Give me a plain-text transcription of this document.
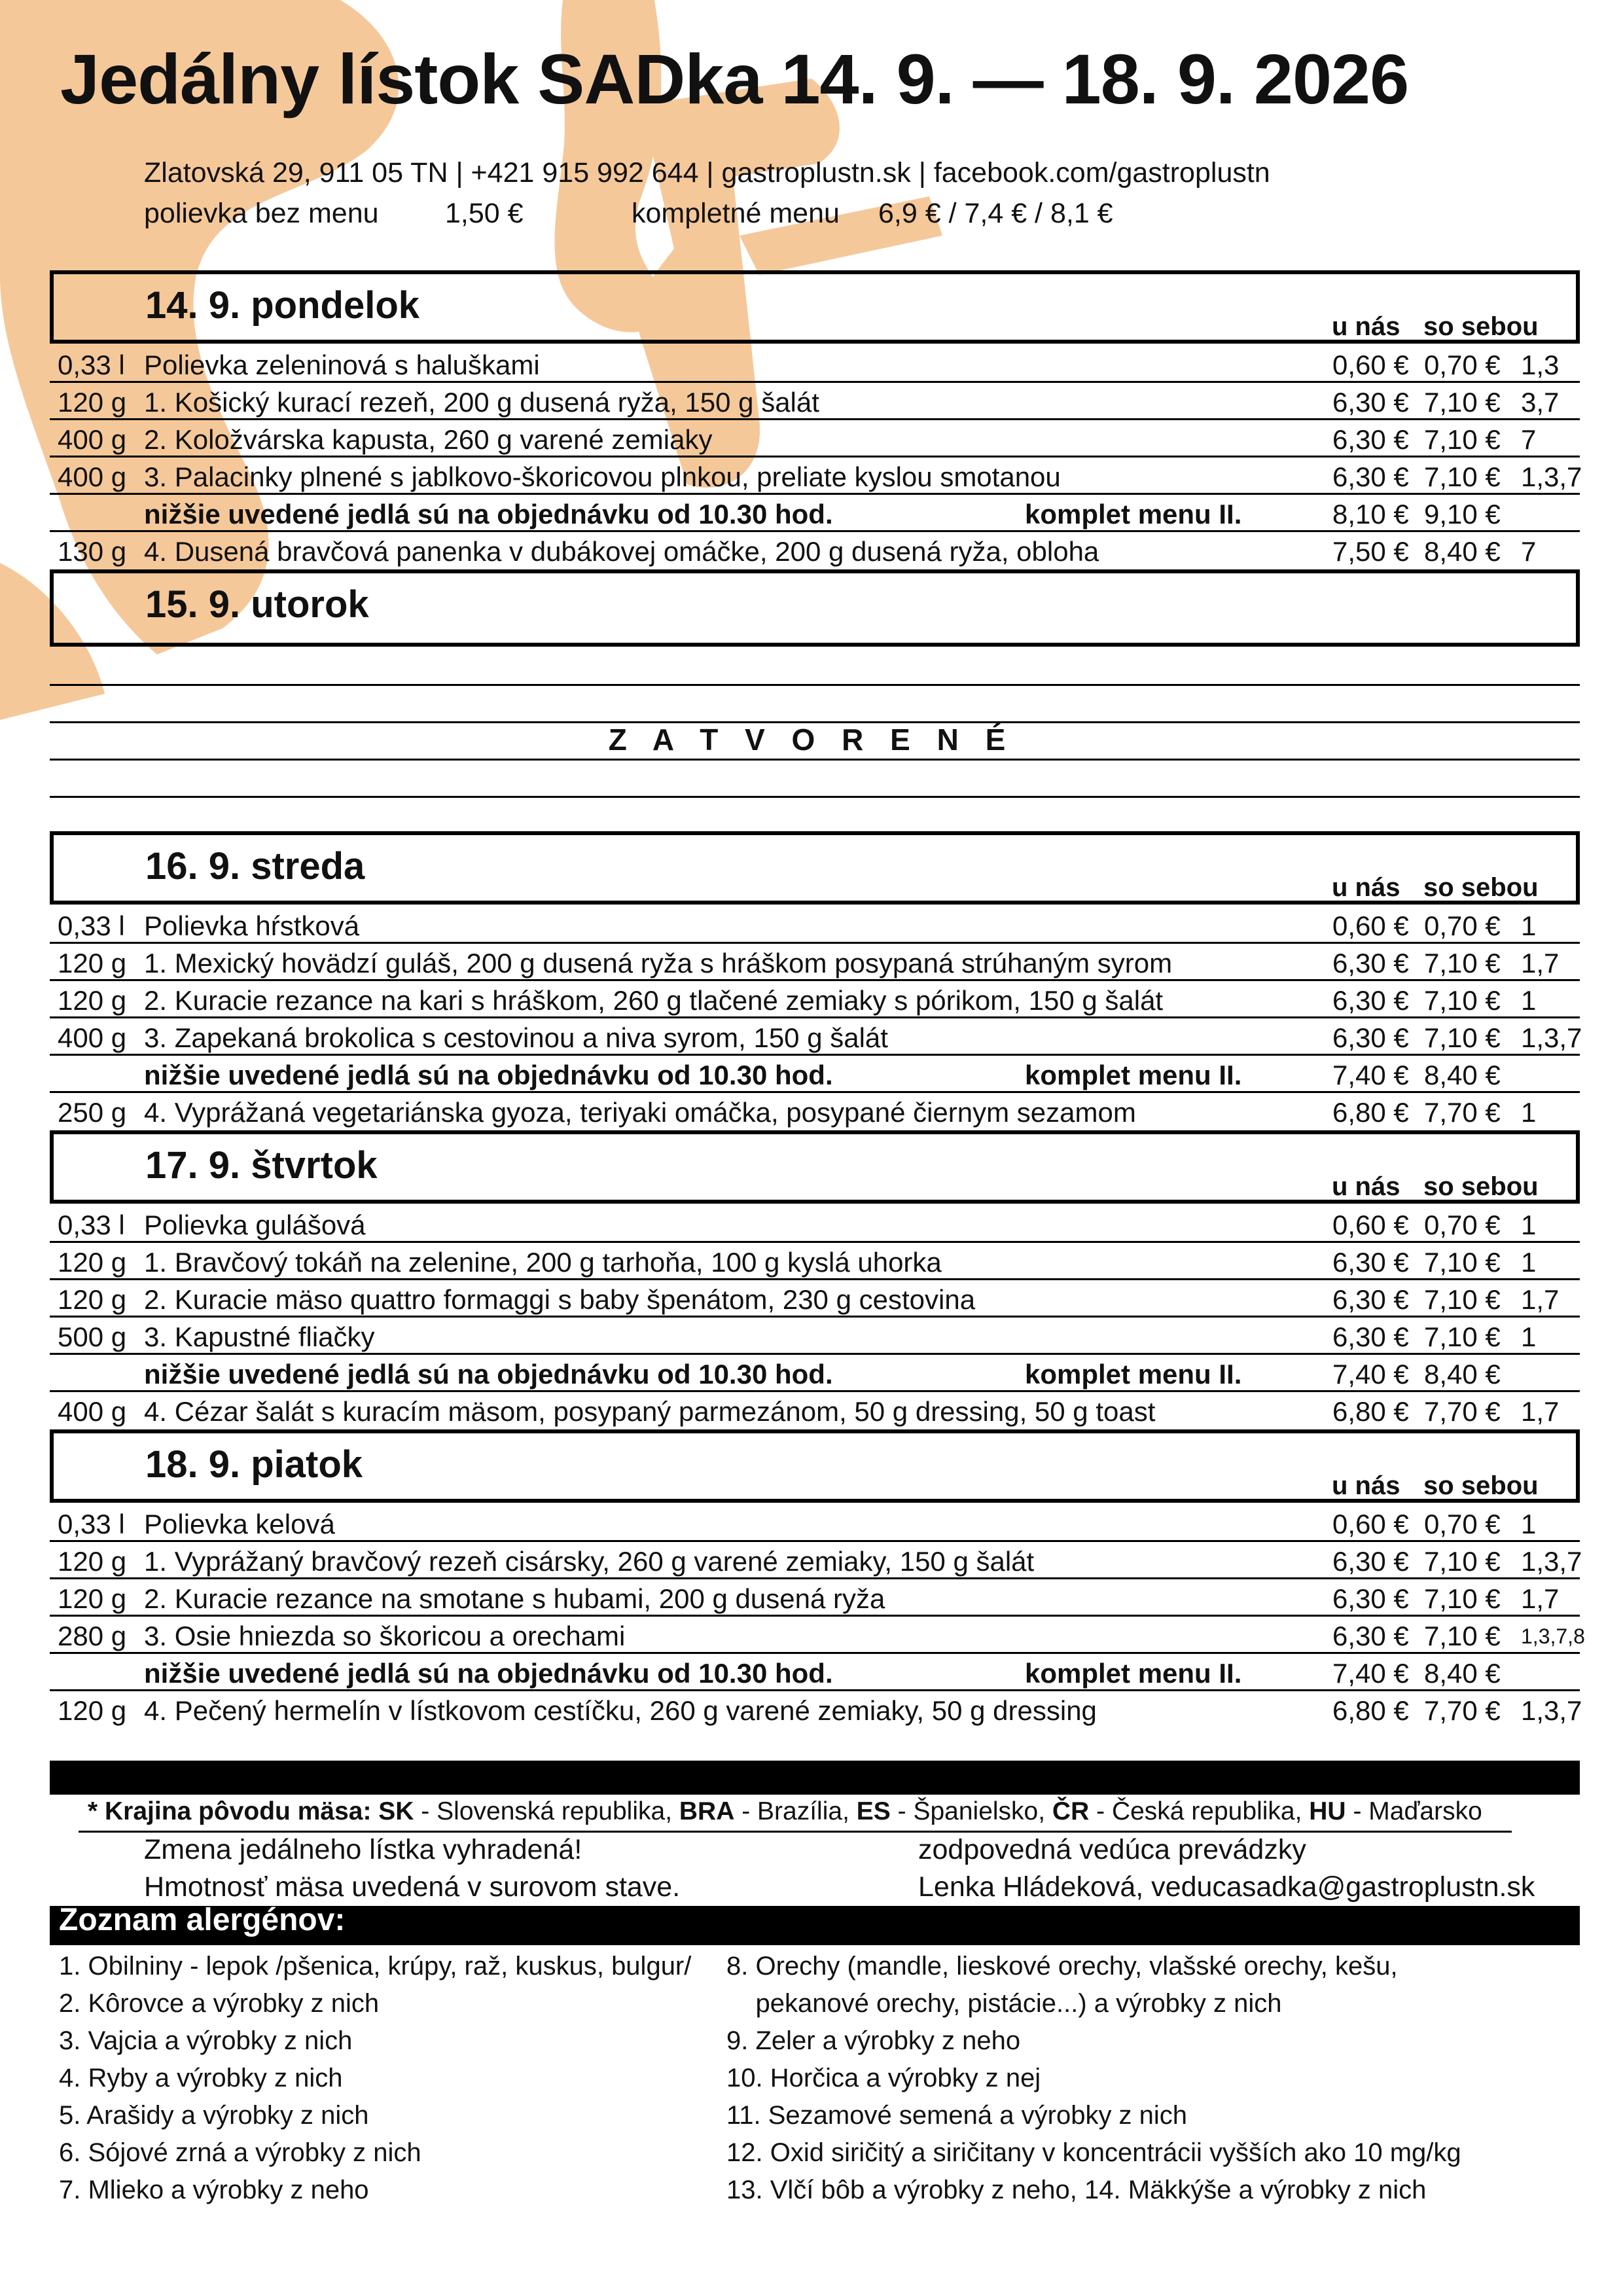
Jedálny lístok SADka 14. 9. — 18. 9. 2026
Zlatovská 29, 911 05 TN | +421 915 992 644 | gastroplustn.sk | facebook.com/gastroplustn
polievka bez menu 1,50 €	kompletné menu 6,9 € / 7,4 € / 8,1 €
14. 9. pondelok	u nás so sebou
0,33 l Polievka zeleninová s haluškami	0,60 € 0,70 € 1,3
120 g 1. Košický kurací rezeň, 200 g dusená ryža, 150 g šalát	6,30 € 7,10 € 3,7
400 g 2. Koložvárska kapusta, 260 g varené zemiaky	6,30 € 7,10 € 7
400 g 3. Palacinky plnené s jablkovo-škoricovou plnkou, preliate kyslou smotanou	6,30 € 7,10 € 1,3,7
nižšie uvedené jedlá sú na objednávku od 10.30 hod.	komplet menu II.	8,10 € 9,10 €
130 g 4. Dusená bravčová panenka v dubákovej omáčke, 200 g dusená ryža, obloha	7,50 € 8,40 € 7
15. 9. utorok
Z A T V O R E N É
16. 9. streda	u nás so sebou
0,33 l Polievka hŕstková	0,60 € 0,70 € 1
120 g 1. Mexický hovädzí guláš, 200 g dusená ryža s hráškom posypaná strúhaným syrom	6,30 € 7,10 € 1,7
120 g 2. Kuracie rezance na kari s hráškom, 260 g tlačené zemiaky s pórikom, 150 g šalát	6,30 € 7,10 € 1
400 g 3. Zapekaná brokolica s cestovinou a niva syrom, 150 g šalát	6,30 € 7,10 € 1,3,7
nižšie uvedené jedlá sú na objednávku od 10.30 hod.	komplet menu II.	7,40 € 8,40 €
250 g 4. Vyprážaná vegetariánska gyoza, teriyaki omáčka, posypané čiernym sezamom	6,80 € 7,70 € 1
17. 9. štvrtok	u nás so sebou
0,33 l Polievka gulášová	0,60 € 0,70 € 1
120 g 1. Bravčový tokáň na zelenine, 200 g tarhoňa, 100 g kyslá uhorka	6,30 € 7,10 € 1
120 g 2. Kuracie mäso quattro formaggi s baby špenátom, 230 g cestovina	6,30 € 7,10 € 1,7
500 g 3. Kapustné fliačky	6,30 € 7,10 € 1
nižšie uvedené jedlá sú na objednávku od 10.30 hod.	komplet menu II.	7,40 € 8,40 €
400 g 4. Cézar šalát s kuracím mäsom, posypaný parmezánom, 50 g dressing, 50 g toast	6,80 € 7,70 € 1,7
18. 9. piatok	u nás so sebou
0,33 l Polievka kelová	0,60 € 0,70 € 1
120 g 1. Vyprážaný bravčový rezeň cisársky, 260 g varené zemiaky, 150 g šalát	6,30 € 7,10 € 1,3,7
120 g 2. Kuracie rezance na smotane s hubami, 200 g dusená ryža	6,30 € 7,10 € 1,7
280 g 3. Osie hniezda so škoricou a orechami	6,30 € 7,10 € 1,3,7,8
nižšie uvedené jedlá sú na objednávku od 10.30 hod.	komplet menu II.	7,40 € 8,40 €
120 g 4. Pečený hermelín v lístkovom cestíčku, 260 g varené zemiaky, 50 g dressing	6,80 € 7,70 € 1,3,7
* Krajina pôvodu mäsa: SK - Slovenská republika, BRA - Brazília, ES - Španielsko, ČR - Česká republika, HU - Maďarsko
Zmena jedálneho lístka vyhradená!
Hmotnosť mäsa uvedená v surovom stave.
zodpovedná vedúca prevádzky
Lenka Hládeková, veducasadka@gastroplustn.sk
Zoznam alergénov:
1. Obilniny - lepok /pšenica, krúpy, raž, kuskus, bulgur/
2. Kôrovce a výrobky z nich
3. Vajcia a výrobky z nich
4. Ryby a výrobky z nich
5. Arašidy a výrobky z nich
6. Sójové zrná a výrobky z nich
7. Mlieko a výrobky z neho
8. Orechy (mandle, lieskové orechy, vlašské orechy, kešu,
pekanové orechy, pistácie...) a výrobky z nich
9. Zeler a výrobky z neho
10. Horčica a výrobky z nej
11. Sezamové semená a výrobky z nich
12. Oxid siričitý a siričitany v koncentrácii vyšších ako 10 mg/kg
13. Vlčí bôb a výrobky z neho, 14. Mäkkýše a výrobky z nich
